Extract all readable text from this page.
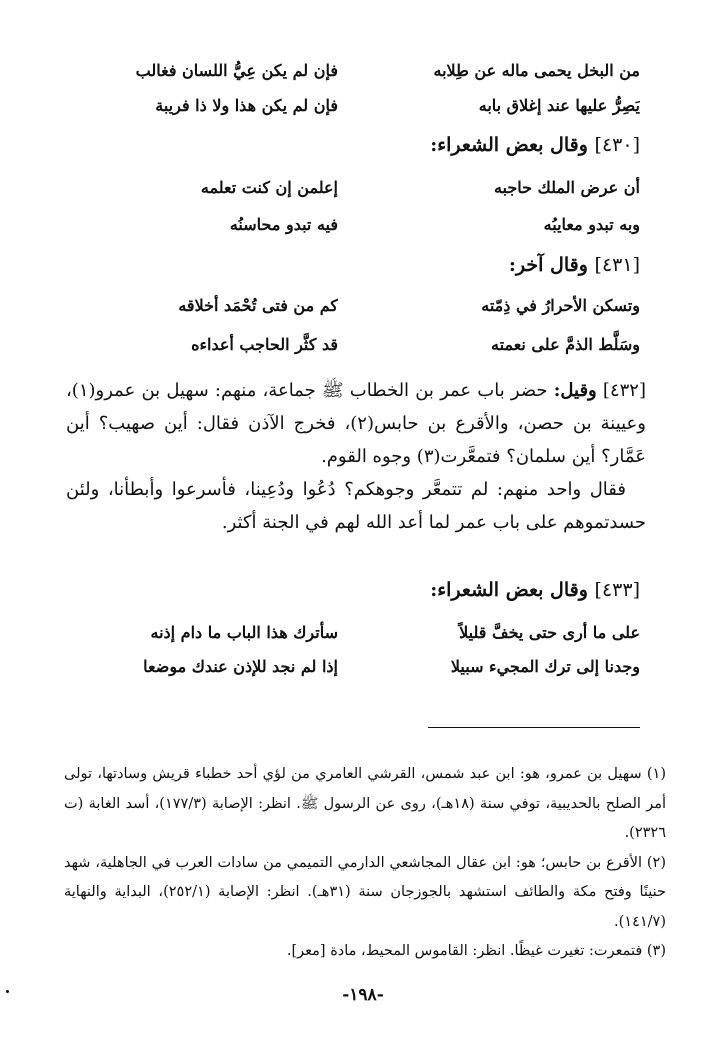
فإن لم يكن عِيُّ اللسان فغالب	من البخل يحمى ماله عن طِلابه
فإن لم يكن هذا ولا ذا فريبة	يَصِرُّ عليها عند إغلاق بابه
[٤٣٠] وقال بعض الشعراء:
إعلمن إن كنت تعلمه	أن عرض الملك حاجبه
فيه تبدو محاسنُه	وبه تبدو معايبُه
[٤٣١] وقال آخر:
كم من فتى تُحْمَد أخلاقه	وتسكن الأحرارُ في ذِمّته
قد كثَّر الحاجب أعداءه	وسَلَّط الذمَّ على نعمته

[٤٣٢] وقيل: حضر باب عمر بن الخطاب ﷺ جماعة، منهم: سهيل بن عمرو(١)، وعيينة بن حصن، والأقرع بن حابس(٢)، فخرج الآذن فقال: أين صهيب؟ أين عَمَّار؟ أين سلمان؟ فتمعَّرت(٣) وجوه القوم.

فقال واحد منهم: لم تتمعَّر وجوهكم؟ دُعُوا ودُعِينا، فأسرعوا وأبطأنا، ولئن حسدتموهم على باب عمر لما أعد الله لهم في الجنة أكثر.

[٤٣٣] وقال بعض الشعراء:
سأترك هذا الباب ما دام إذنه	على ما أرى حتى يخفَّ قليلاً
إذا لم نجد للإذن عندك موضعا	وجدنا إلى ترك المجيء سبيلا

(١) سهيل بن عمرو، هو: ابن عبد شمس، القرشي العامري من لؤي أحد خطباء قريش وسادتها، تولى أمر الصلح بالحديبية، توفي سنة (١٨هـ)، روى عن الرسول ﷺ. انظر: الإصابة (١٧٧/٣)، أسد الغابة (ت ٢٣٢٦).

(٢) الأقرع بن حابس؛ هو: ابن عقال المجاشعي الدارمي التميمي من سادات العرب في الجاهلية، شهد حنينًا وفتح مكة والطائف استشهد بالجوزجان سنة (٣١هـ). انظر: الإصابة (٢٥٢/١)، البداية والنهاية (١٤١/٧).

(٣) فتمعرت: تغيرت غيظًا. انظر: القاموس المحيط، مادة [معر].

-١٩٨-
